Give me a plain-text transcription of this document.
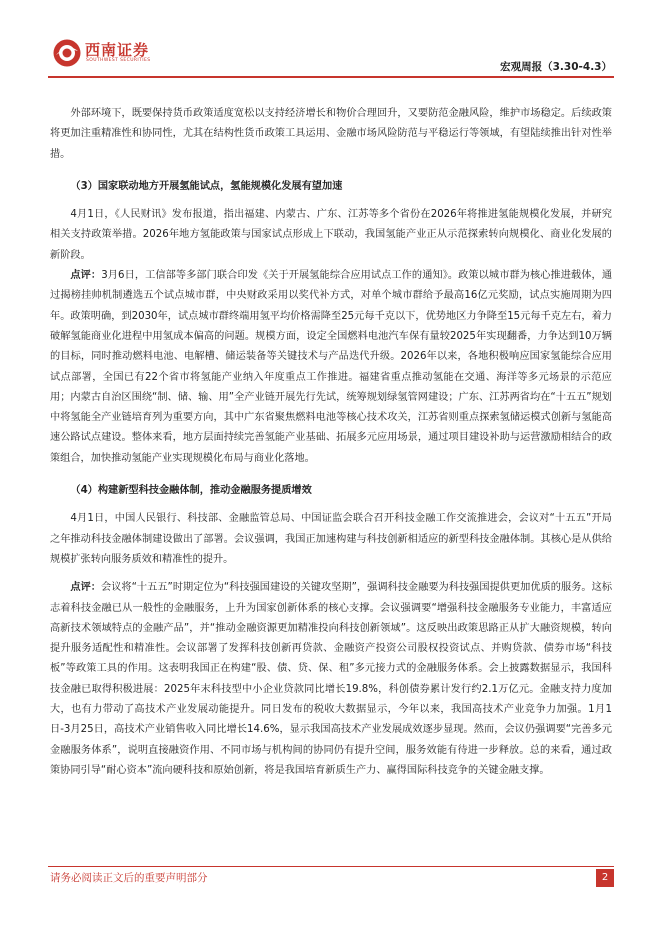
西南证券
SOUTHWEST SECURITIES
宏观周报（3.30-4.3）

外部环境下，既要保持货币政策适度宽松以支持经济增长和物价合理回升，又要防范金融风险，维护市场稳定。后续政策将更加注重精准性和协同性，尤其在结构性货币政策工具运用、金融市场风险防范与平稳运行等领域，有望陆续推出针对性举措。

（3）国家联动地方开展氢能试点，氢能规模化发展有望加速

4月1日，《人民财讯》发布报道，指出福建、内蒙古、广东、江苏等多个省份在2026年将推进氢能规模化发展，并研究相关支持政策举措。2026年地方氢能政策与国家试点形成上下联动，我国氢能产业正从示范探索转向规模化、商业化发展的新阶段。

点评：3月6日，工信部等多部门联合印发《关于开展氢能综合应用试点工作的通知》。政策以城市群为核心推进载体，通过揭榜挂帅机制遴选五个试点城市群，中央财政采用以奖代补方式，对单个城市群给予最高16亿元奖励，试点实施周期为四年。政策明确，到2030年，试点城市群终端用氢平均价格需降至25元每千克以下，优势地区力争降至15元每千克左右，着力破解氢能商业化进程中用氢成本偏高的问题。规模方面，设定全国燃料电池汽车保有量较2025年实现翻番，力争达到10万辆的目标，同时推动燃料电池、电解槽、储运装备等关键技术与产品迭代升级。2026年以来，各地积极响应国家氢能综合应用试点部署，全国已有22个省市将氢能产业纳入年度重点工作推进。福建省重点推动氢能在交通、海洋等多元场景的示范应用；内蒙古自治区围绕“制、储、输、用”全产业链开展先行先试，统筹规划绿氢管网建设；广东、江苏两省均在“十五五”规划中将氢能全产业链培育列为重要方向，其中广东省聚焦燃料电池等核心技术攻关，江苏省则重点探索氢储运模式创新与氢能高速公路试点建设。整体来看，地方层面持续完善氢能产业基础、拓展多元应用场景，通过项目建设补助与运营激励相结合的政策组合，加快推动氢能产业实现规模化布局与商业化落地。

（4）构建新型科技金融体制，推动金融服务提质增效

4月1日，中国人民银行、科技部、金融监管总局、中国证监会联合召开科技金融工作交流推进会，会议对“十五五”开局之年推动科技金融体制建设做出了部署。会议强调，我国正加速构建与科技创新相适应的新型科技金融体制。其核心是从供给规模扩张转向服务质效和精准性的提升。

点评：会议将“十五五”时期定位为“科技强国建设的关键攻坚期”，强调科技金融要为科技强国提供更加优质的服务。这标志着科技金融已从一般性的金融服务，上升为国家创新体系的核心支撑。会议强调要“增强科技金融服务专业能力，丰富适应高新技术领域特点的金融产品”，并“推动金融资源更加精准投向科技创新领域”。这反映出政策思路正从扩大融资规模，转向提升服务适配性和精准性。会议部署了发挥科技创新再贷款、金融资产投资公司股权投资试点、并购贷款、债券市场“科技板”等政策工具的作用。这表明我国正在构建“股、债、贷、保、租”多元接力式的金融服务体系。会上披露数据显示，我国科技金融已取得积极进展：2025年末科技型中小企业贷款同比增长19.8%，科创债券累计发行约2.1万亿元。金融支持力度加大，也有力带动了高技术产业发展动能提升。同日发布的税收大数据显示，今年以来，我国高技术产业竞争力加强。1月1日-3月25日，高技术产业销售收入同比增长14.6%，显示我国高技术产业发展成效逐步显现。然而，会议仍强调要“完善多元金融服务体系”，说明直接融资作用、不同市场与机构间的协同仍有提升空间，服务效能有待进一步释放。总的来看，通过政策协同引导“耐心资本”流向硬科技和原始创新，将是我国培育新质生产力、赢得国际科技竞争的关键金融支撑。

请务必阅读正文后的重要声明部分	2
